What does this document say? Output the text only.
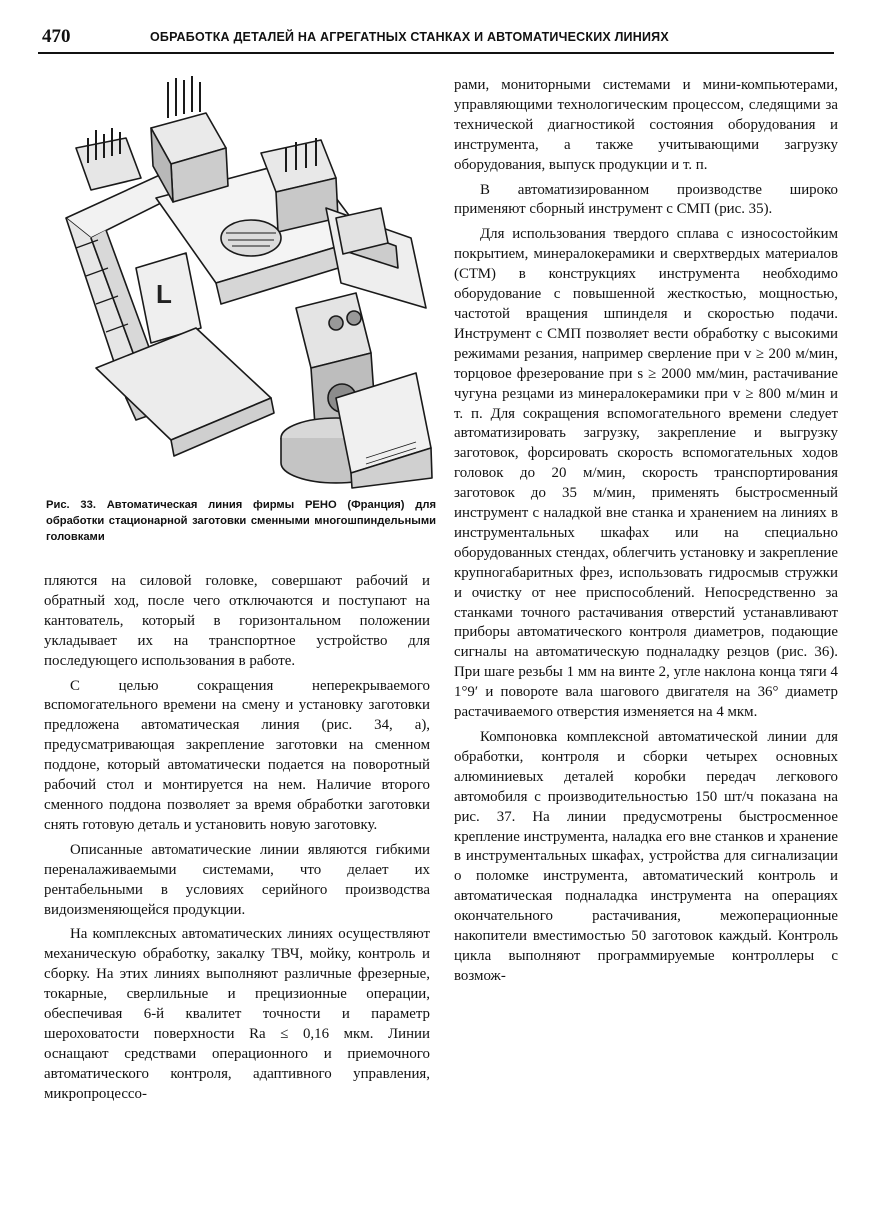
470	ОБРАБОТКА ДЕТАЛЕЙ НА АГРЕГАТНЫХ СТАНКАХ И АВТОМАТИЧЕСКИХ ЛИНИЯХ
L
Рис. 33. Автоматическая линия фирмы РЕНО (Франция) для обработки стационарной заготовки сменными многошпиндельными головками

пляются на силовой головке, совершают рабочий и обратный ход, после чего отключаются и поступают на кантователь, который в горизонтальном положении укладывает их на транспортное устройство для последующего использования в работе.

С целью сокращения неперекрываемого вспомогательного времени на смену и установку заготовки предложена автоматическая линия (рис. 34, а), предусматривающая закрепление заготовки на сменном поддоне, который автоматически подается на поворотный рабочий стол и монтируется на нем. Наличие второго сменного поддона позволяет за время обработки заготовки снять готовую деталь и установить новую заготовку.

Описанные автоматические линии являются гибкими переналаживаемыми системами, что делает их рентабельными в условиях серийного производства видоизменяющейся продукции.

На комплексных автоматических линиях осуществляют механическую обработку, закалку ТВЧ, мойку, контроль и сборку. На этих линиях выполняют различные фрезерные, токарные, сверлильные и прецизионные операции, обеспечивая 6-й квалитет точности и параметр шероховатости поверхности Ra ≤ 0,16 мкм. Линии оснащают средствами операционного и приемочного автоматического контроля, адаптивного управления, микропроцессо-

рами, мониторными системами и мини-компьютерами, управляющими технологическим процессом, следящими за технической диагностикой состояния оборудования и инструмента, а также учитывающими загрузку оборудования, выпуск продукции и т. п.

В автоматизированном производстве широко применяют сборный инструмент с СМП (рис. 35).

Для использования твердого сплава с износостойким покрытием, минералокерамики и сверхтвердых материалов (СТМ) в конструкциях инструмента необходимо оборудование с повышенной жесткостью, мощностью, частотой вращения шпинделя и скоростью подачи. Инструмент с СМП позволяет вести обработку с высокими режимами резания, например сверление при v ≥ 200 м/мин, торцовое фрезерование при s ≥ 2000 мм/мин, растачивание чугуна резцами из минералокерамики при v ≥ 800 м/мин и т. п. Для сокращения вспомогательного времени следует автоматизировать загрузку, закрепление и выгрузку заготовок, форсировать скорость вспомогательных ходов головок до 20 м/мин, скорость транспортирования заготовок до 35 м/мин, применять быстросменный инструмент с наладкой вне станка и хранением на линиях в инструментальных шкафах или на специально оборудованных стендах, облегчить установку и закрепление крупногабаритных фрез, использовать гидросмыв стружки и очистку от нее приспособлений. Непосредственно за станками точного растачивания отверстий устанавливают приборы автоматического контроля диаметров, подающие сигналы на автоматическую подналадку резцов (рис. 36). При шаге резьбы 1 мм на винте 2, угле наклона конца тяги 4 1°9′ и повороте вала шагового двигателя на 36° диаметр растачиваемого отверстия изменяется на 4 мкм.

Компоновка комплексной автоматической линии для обработки, контроля и сборки четырех основных алюминиевых деталей коробки передач легкового автомобиля с производительностью 150 шт/ч показана на рис. 37. На линии предусмотрены быстросменное крепление инструмента, наладка его вне станков и хранение в инструментальных шкафах, устройства для сигнализации о поломке инструмента, автоматический контроль и автоматическая подналадка инструмента на операциях окончательного растачивания, межоперационные накопители вместимостью 50 заготовок каждый. Контроль цикла выполняют программируемые контроллеры с возмож-
